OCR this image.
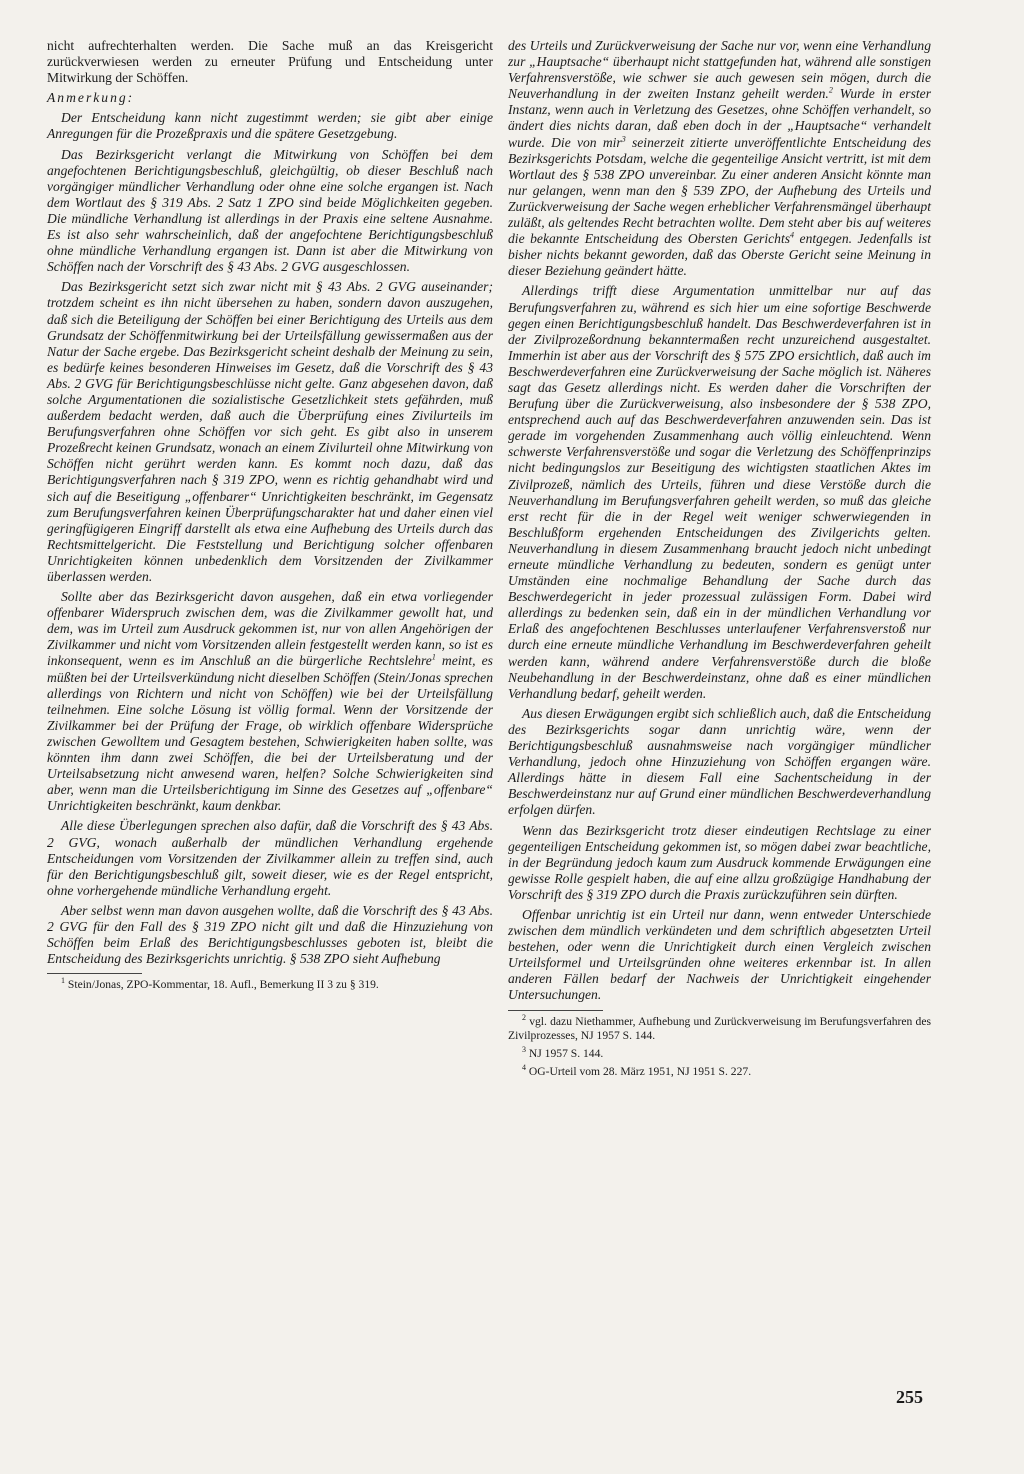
nicht aufrechterhalten werden. Die Sache muß an das Kreisgericht zurückverwiesen werden zu erneuter Prüfung und Entscheidung unter Mitwirkung der Schöffen.

Anmerkung:

Der Entscheidung kann nicht zugestimmt werden; sie gibt aber einige Anregungen für die Prozeßpraxis und die spätere Gesetzgebung.

Das Bezirksgericht verlangt die Mitwirkung von Schöffen bei dem angefochtenen Berichtigungsbeschluß, gleichgültig, ob dieser Beschluß nach vorgängiger mündlicher Verhandlung oder ohne eine solche ergangen ist. Nach dem Wortlaut des § 319 Abs. 2 Satz 1 ZPO sind beide Möglichkeiten gegeben. Die mündliche Verhandlung ist allerdings in der Praxis eine seltene Ausnahme. Es ist also sehr wahrscheinlich, daß der angefochtene Berichtigungsbeschluß ohne mündliche Verhandlung ergangen ist. Dann ist aber die Mitwirkung von Schöffen nach der Vorschrift des § 43 Abs. 2 GVG ausgeschlossen.

Das Bezirksgericht setzt sich zwar nicht mit § 43 Abs. 2 GVG auseinander; trotzdem scheint es ihn nicht übersehen zu haben, sondern davon auszugehen, daß sich die Beteiligung der Schöffen bei einer Berichtigung des Urteils aus dem Grundsatz der Schöffenmitwirkung bei der Urteilsfällung gewissermaßen aus der Natur der Sache ergebe. Das Bezirksgericht scheint deshalb der Meinung zu sein, es bedürfe keines besonderen Hinweises im Gesetz, daß die Vorschrift des § 43 Abs. 2 GVG für Berichtigungsbeschlüsse nicht gelte. Ganz abgesehen davon, daß solche Argumentationen die sozialistische Gesetzlichkeit stets gefährden, muß außerdem bedacht werden, daß auch die Überprüfung eines Zivilurteils im Berufungsverfahren ohne Schöffen vor sich geht. Es gibt also in unserem Prozeßrecht keinen Grundsatz, wonach an einem Zivilurteil ohne Mitwirkung von Schöffen nicht gerührt werden kann. Es kommt noch dazu, daß das Berichtigungsverfahren nach § 319 ZPO, wenn es richtig gehandhabt wird und sich auf die Beseitigung „offenbarer“ Unrichtigkeiten beschränkt, im Gegensatz zum Berufungsverfahren keinen Überprüfungscharakter hat und daher einen viel geringfügigeren Eingriff darstellt als etwa eine Aufhebung des Urteils durch das Rechtsmittelgericht. Die Feststellung und Berichtigung solcher offenbaren Unrichtigkeiten können unbedenklich dem Vorsitzenden der Zivilkammer überlassen werden.

Sollte aber das Bezirksgericht davon ausgehen, daß ein etwa vorliegender offenbarer Widerspruch zwischen dem, was die Zivilkammer gewollt hat, und dem, was im Urteil zum Ausdruck gekommen ist, nur von allen Angehörigen der Zivilkammer und nicht vom Vorsitzenden allein festgestellt werden kann, so ist es inkonsequent, wenn es im Anschluß an die bürgerliche Rechtslehre$^1$ meint, es müßten bei der Urteilsverkündung nicht dieselben Schöffen (Stein/Jonas sprechen allerdings von Richtern und nicht von Schöffen) wie bei der Urteilsfällung teilnehmen. Eine solche Lösung ist völlig formal. Wenn der Vorsitzende der Zivilkammer bei der Prüfung der Frage, ob wirklich offenbare Widersprüche zwischen Gewolltem und Gesagtem bestehen, Schwierigkeiten haben sollte, was könnten ihm dann zwei Schöffen, die bei der Urteilsberatung und der Urteilsabsetzung nicht anwesend waren, helfen? Solche Schwierigkeiten sind aber, wenn man die Urteilsberichtigung im Sinne des Gesetzes auf „offenbare“ Unrichtigkeiten beschränkt, kaum denkbar.

Alle diese Überlegungen sprechen also dafür, daß die Vorschrift des § 43 Abs. 2 GVG, wonach außerhalb der mündlichen Verhandlung ergehende Entscheidungen vom Vorsitzenden der Zivilkammer allein zu treffen sind, auch für den Berichtigungsbeschluß gilt, soweit dieser, wie es der Regel entspricht, ohne vorhergehende mündliche Verhandlung ergeht.

Aber selbst wenn man davon ausgehen wollte, daß die Vorschrift des § 43 Abs. 2 GVG für den Fall des § 319 ZPO nicht gilt und daß die Hinzuziehung von Schöffen beim Erlaß des Berichtigungsbeschlusses geboten ist, bleibt die Entscheidung des Bezirksgerichts unrichtig. § 538 ZPO sieht Aufhebung

$^1$ Stein/Jonas, ZPO-Kommentar, 18. Aufl., Bemerkung II 3 zu § 319.

des Urteils und Zurückverweisung der Sache nur vor, wenn eine Verhandlung zur „Hauptsache“ überhaupt nicht stattgefunden hat, während alle sonstigen Verfahrensverstöße, wie schwer sie auch gewesen sein mögen, durch die Neuverhandlung in der zweiten Instanz geheilt werden.$^2$ Wurde in erster Instanz, wenn auch in Verletzung des Gesetzes, ohne Schöffen verhandelt, so ändert dies nichts daran, daß eben doch in der „Hauptsache“ verhandelt wurde. Die von mir$^3$ seinerzeit zitierte unveröffentlichte Entscheidung des Bezirksgerichts Potsdam, welche die gegenteilige Ansicht vertritt, ist mit dem Wortlaut des § 538 ZPO unvereinbar. Zu einer anderen Ansicht könnte man nur gelangen, wenn man den § 539 ZPO, der Aufhebung des Urteils und Zurückverweisung der Sache wegen erheblicher Verfahrensmängel überhaupt zuläßt, als geltendes Recht betrachten wollte. Dem steht aber bis auf weiteres die bekannte Entscheidung des Obersten Gerichts$^4$ entgegen. Jedenfalls ist bisher nichts bekannt geworden, daß das Oberste Gericht seine Meinung in dieser Beziehung geändert hätte.

Allerdings trifft diese Argumentation unmittelbar nur auf das Berufungsverfahren zu, während es sich hier um eine sofortige Beschwerde gegen einen Berichtigungsbeschluß handelt. Das Beschwerdeverfahren ist in der Zivilprozeßordnung bekanntermaßen recht unzureichend ausgestaltet. Immerhin ist aber aus der Vorschrift des § 575 ZPO ersichtlich, daß auch im Beschwerdeverfahren eine Zurückverweisung der Sache möglich ist. Näheres sagt das Gesetz allerdings nicht. Es werden daher die Vorschriften der Berufung über die Zurückverweisung, also insbesondere der § 538 ZPO, entsprechend auch auf das Beschwerdeverfahren anzuwenden sein. Das ist gerade im vorgehenden Zusammenhang auch völlig einleuchtend. Wenn schwerste Verfahrensverstöße und sogar die Verletzung des Schöffenprinzips nicht bedingungslos zur Beseitigung des wichtigsten staatlichen Aktes im Zivilprozeß, nämlich des Urteils, führen und diese Verstöße durch die Neuverhandlung im Berufungsverfahren geheilt werden, so muß das gleiche erst recht für die in der Regel weit weniger schwerwiegenden in Beschlußform ergehenden Entscheidungen des Zivilgerichts gelten. Neuverhandlung in diesem Zusammenhang braucht jedoch nicht unbedingt erneute mündliche Verhandlung zu bedeuten, sondern es genügt unter Umständen eine nochmalige Behandlung der Sache durch das Beschwerdegericht in jeder prozessual zulässigen Form. Dabei wird allerdings zu bedenken sein, daß ein in der mündlichen Verhandlung vor Erlaß des angefochtenen Beschlusses unterlaufener Verfahrensverstoß nur durch eine erneute mündliche Verhandlung im Beschwerdeverfahren geheilt werden kann, während andere Verfahrensverstöße durch die bloße Neubehandlung in der Beschwerdeinstanz, ohne daß es einer mündlichen Verhandlung bedarf, geheilt werden.

Aus diesen Erwägungen ergibt sich schließlich auch, daß die Entscheidung des Bezirksgerichts sogar dann unrichtig wäre, wenn der Berichtigungsbeschluß ausnahmsweise nach vorgängiger mündlicher Verhandlung, jedoch ohne Hinzuziehung von Schöffen ergangen wäre. Allerdings hätte in diesem Fall eine Sachentscheidung in der Beschwerdeinstanz nur auf Grund einer mündlichen Beschwerdeverhandlung erfolgen dürfen.

Wenn das Bezirksgericht trotz dieser eindeutigen Rechtslage zu einer gegenteiligen Entscheidung gekommen ist, so mögen dabei zwar beachtliche, in der Begründung jedoch kaum zum Ausdruck kommende Erwägungen eine gewisse Rolle gespielt haben, die auf eine allzu großzügige Handhabung der Vorschrift des § 319 ZPO durch die Praxis zurückzuführen sein dürften.

Offenbar unrichtig ist ein Urteil nur dann, wenn entweder Unterschiede zwischen dem mündlich verkündeten und dem schriftlich abgesetzten Urteil bestehen, oder wenn die Unrichtigkeit durch einen Vergleich zwischen Urteilsformel und Urteilsgründen ohne weiteres erkennbar ist. In allen anderen Fällen bedarf der Nachweis der Unrichtigkeit eingehender Untersuchungen.

$^2$ vgl. dazu Niethammer, Aufhebung und Zurückverweisung im Berufungsverfahren des Zivilprozesses, NJ 1957 S. 144.

$^3$ NJ 1957 S. 144.

$^4$ OG-Urteil vom 28. März 1951, NJ 1951 S. 227.

255
